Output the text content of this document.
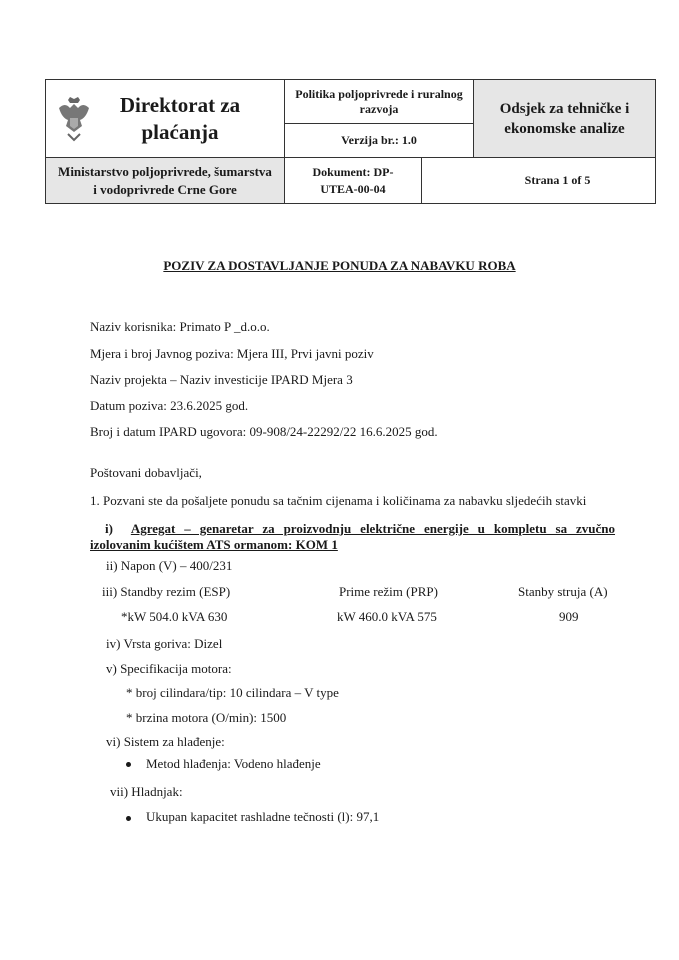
Direktorat za plaćanja	Politika poljoprivrede i ruralnog razvoja		Odsjek za tehničke i ekonomske analize
	Verzija br.: 1.0		
Ministarstvo poljoprivrede, šumarstva i vodoprivrede Crne Gore	Dokument: DP-UTEA-00-04	Strana 1 of 5	
POZIV ZA DOSTAVLJANJE PONUDA ZA NABAVKU ROBA
Naziv korisnika: Primato P _d.o.o.
Mjera i broj Javnog poziva: Mjera III, Prvi javni poziv
Naziv projekta – Naziv investicije IPARD Mjera 3
Datum poziva: 23.6.2025 god.
Broj i datum IPARD ugovora: 09-908/24-22292/22 16.6.2025 god.
Poštovani dobavljači,
1. Pozvani ste da pošaljete ponudu sa tačnim cijenama i količinama za nabavku sljedećih stavki
i) Agregat – genaretar za proizvodnju električne energije u kompletu sa zvučno
izolovanim kućištem ATS ormanom: KOM 1
ii) Napon (V) – 400/231
iii) Standby rezim (ESP)	Prime režim (PRP)	Stanby struja (A)
*kW 504.0 kVA 630	kW 460.0 kVA 575	909
iv) Vrsta goriva: Dizel
v) Specifikacija motora:
* broj cilindara/tip: 10 cilindara – V type
* brzina motora (O/min): 1500
vi) Sistem za hlađenje:
Metod hlađenja: Vodeno hlađenje
vii) Hladnjak:
Ukupan kapacitet rashladne tečnosti (l): 97,1
